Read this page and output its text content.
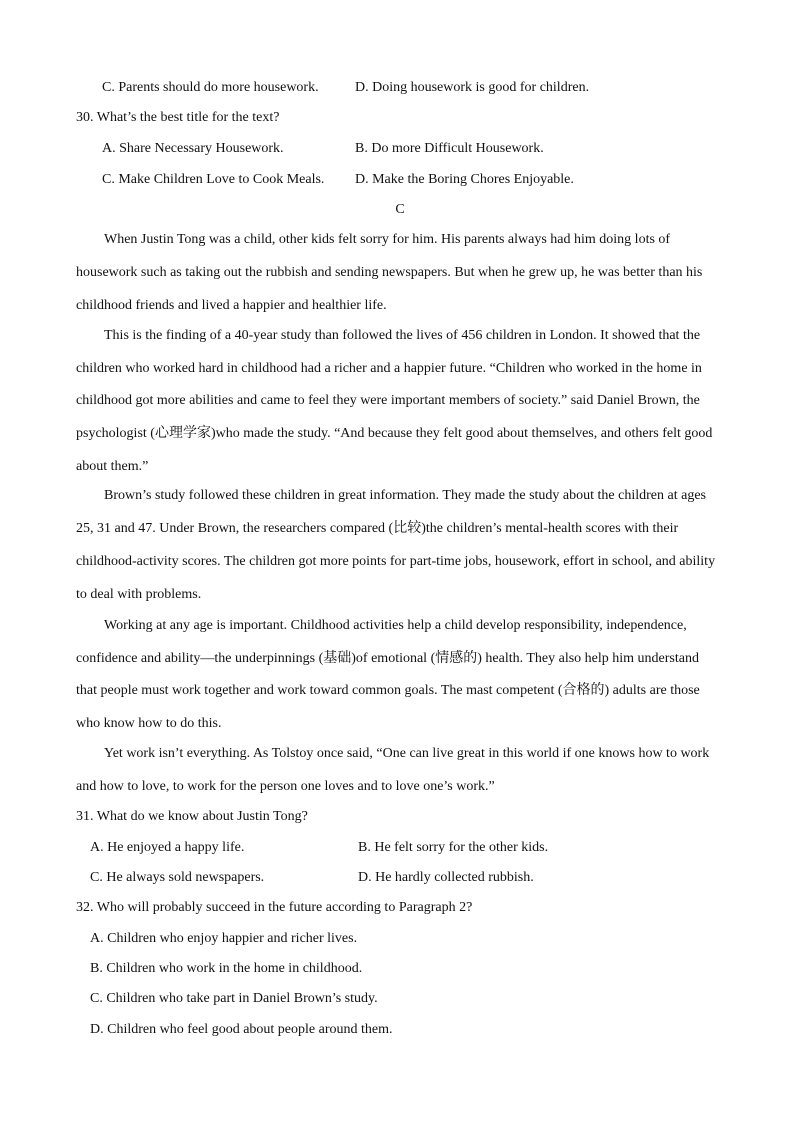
C. Parents should do more housework.	D. Doing housework is good for children.
30. What’s the best title for the text?
A. Share Necessary Housework.	B. Do more Difficult Housework.
C. Make Children Love to Cook Meals. D. Make the Boring Chores Enjoyable.
C
When Justin Tong was a child, other kids felt sorry for him. His parents always had him doing lots of
housework such as taking out the rubbish and sending newspapers. But when he grew up, he was better than his
childhood friends and lived a happier and healthier life.
This is the finding of a 40-year study than followed the lives of 456 children in London. It showed that the
children who worked hard in childhood had a richer and a happier future. “Children who worked in the home in
childhood got more abilities and came to feel they were important members of society.” said Daniel Brown, the
psychologist (心理学家)who made the study. “And because they felt good about themselves, and others felt good
about them.”
Brown’s study followed these children in great information. They made the study about the children at ages
25, 31 and 47. Under Brown, the researchers compared (比较)the children’s mental-health scores with their
childhood-activity scores. The children got more points for part-time jobs, housework, effort in school, and ability
to deal with problems.
Working at any age is important. Childhood activities help a child develop responsibility, independence,
confidence and ability—the underpinnings (基础)of emotional (情感的) health. They also help him understand
that people must work together and work toward common goals. The mast competent (合格的) adults are those
who know how to do this.
Yet work isn’t everything. As Tolstoy once said, “One can live great in this world if one knows how to work
and how to love, to work for the person one loves and to love one’s work.”
31. What do we know about Justin Tong?
A. He enjoyed a happy life.	B. He felt sorry for the other kids.
C. He always sold newspapers.	D. He hardly collected rubbish.
32. Who will probably succeed in the future according to Paragraph 2?
A. Children who enjoy happier and richer lives.
B. Children who work in the home in childhood.
C. Children who take part in Daniel Brown’s study.
D. Children who feel good about people around them.
